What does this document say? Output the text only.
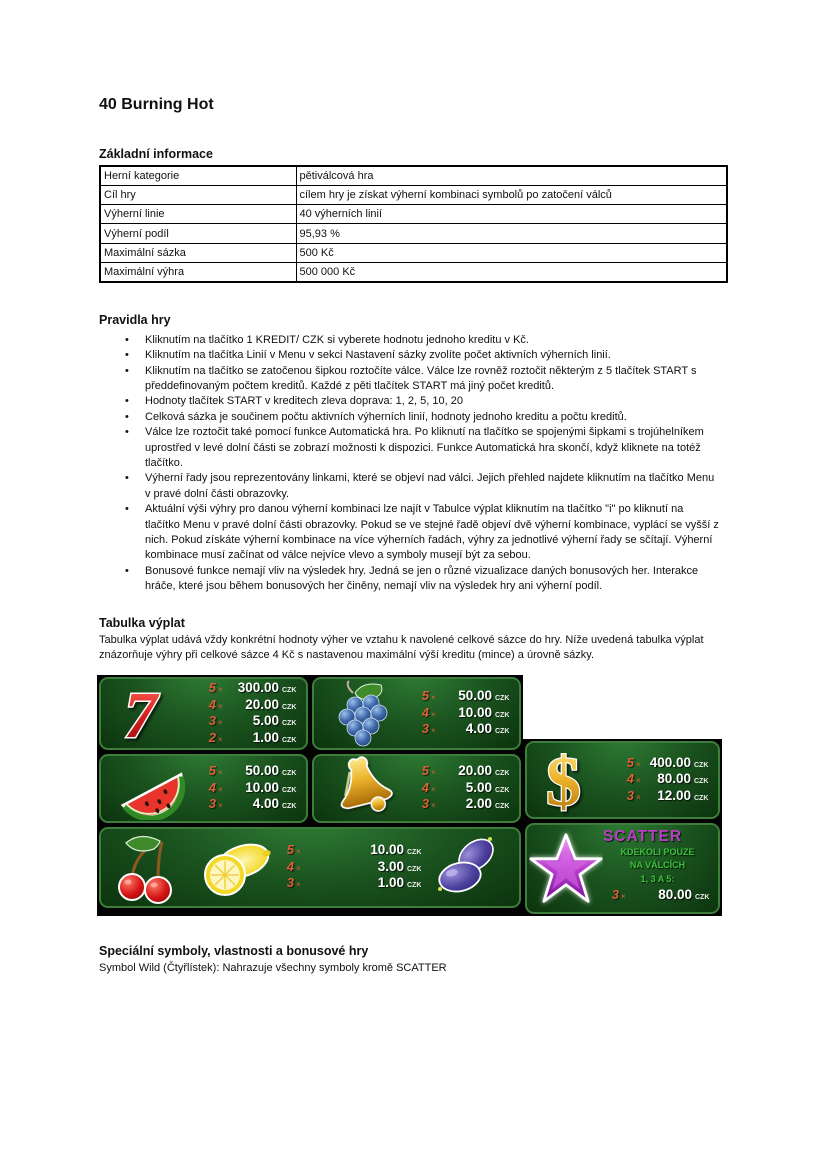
40 Burning Hot
Základní informace
Herní kategorie	pětiválcová hra
Cíl hry	cílem hry je získat výherní kombinaci symbolů po zatočení válců
Výherní linie	40 výherních linií
Výherní podíl	95,93 %
Maximální sázka	500 Kč
Maximální výhra	500 000 Kč
Pravidla hry
•
Kliknutím na tlačítko 1 KREDIT/ CZK si vyberete hodnotu jednoho kreditu v Kč.
•
Kliknutím na tlačítka Linií v Menu v sekci Nastavení sázky zvolíte počet aktivních výherních linií.
•
Kliknutím na tlačítko se zatočenou šipkou roztočíte válce. Válce lze rovněž roztočit některým z 5 tlačítek START s předdefinovaným počtem kreditů. Každé z pěti tlačítek START má jiný počet kreditů.
•
Hodnoty tlačítek START v kreditech zleva doprava: 1, 2, 5, 10, 20
•
Celková sázka je součinem počtu aktivních výherních linií, hodnoty jednoho kreditu a počtu kreditů.
•
Válce lze roztočit také pomocí funkce Automatická hra. Po kliknutí na tlačítko se spojenými šipkami s trojúhelníkem uprostřed v levé dolní části se zobrazí možnosti k dispozici. Funkce Automatická hra skončí, když kliknete na totéž tlačítko.
•
Výherní řady jsou reprezentovány linkami, které se objeví nad válci. Jejich přehled najdete kliknutím na tlačítko Menu v pravé dolní části obrazovky.
•
Aktuální výši výhry pro danou výherní kombinaci lze najít v Tabulce výplat kliknutím na tlačítko "i" po kliknutí na tlačítko Menu v pravé dolní části obrazovky. Pokud se ve stejné řadě objeví dvě výherní kombinace, vyplácí se vyšší z nich. Pokud získáte výherní kombinace na více výherních řadách, výhry za jednotlivé výherní řady se sčítají. Výherní kombinace musí začínat od válce nejvíce vlevo a symboly musejí být za sebou.
•
Bonusové funkce nemají vliv na výsledek hry. Jedná se jen o různé vizualizace daných bonusových her. Interakce hráče, které jsou během bonusových her činěny, nemají vliv na výsledek hry ani výherní podíl.
Tabulka výplat
Tabulka výplat udává vždy konkrétní hodnoty výher ve vztahu k navolené celkové sázce do hry. Níže uvedená tabulka výplat znázorňuje výhry při celkové sázce 4 Kč s nastavenou maximální výší kreditu (mince) a úrovně sázky.
7	5 ×	300.00 CZK
4 ×	20.00 CZK
3 ×	5.00 CZK
2 ×	1.00 CZK
5 ×	50.00 CZK
4 ×	10.00 CZK
3 ×	4.00 CZK
5 ×	50.00 CZK
4 ×	10.00 CZK
3 ×	4.00 CZK
5 ×	20.00 CZK
4 ×	5.00 CZK
3 ×	2.00 CZK
5 ×	10.00 CZK
4 ×	3.00 CZK
3 ×	1.00 CZK
$	5 × 400.00 CZK
4 ×	80.00 CZK
3 ×	12.00 CZK
SCATTER
KDEKOLI POUZE
NA VÁLCÍCH
1, 3 A 5:
3 ×	80.00 CZK
Speciální symboly, vlastnosti a bonusové hry
Symbol Wild (Čtyřlístek): Nahrazuje všechny symboly kromě SCATTER
